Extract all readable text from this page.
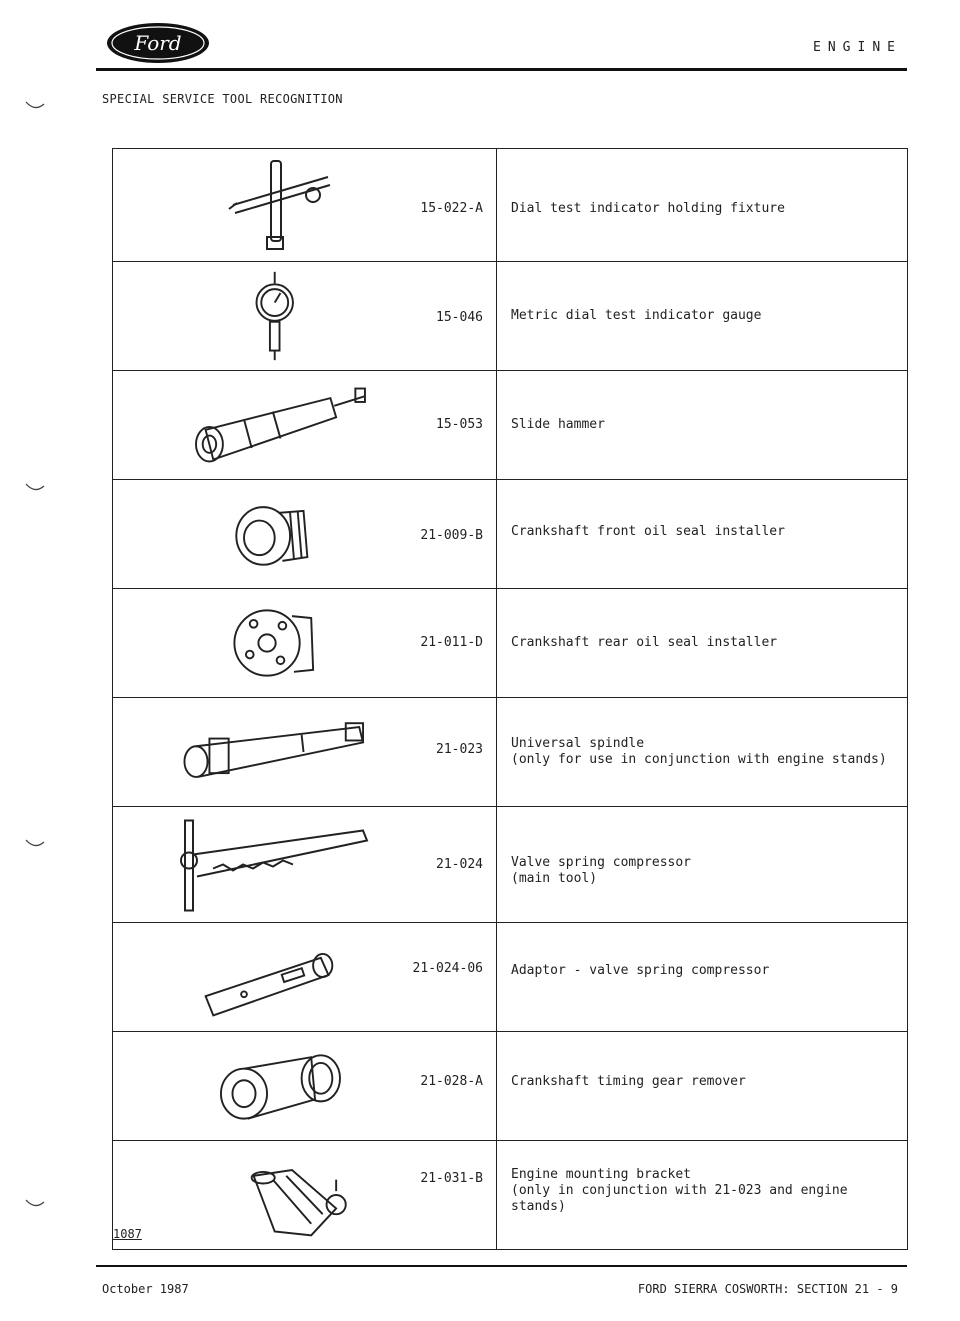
Ford	ENGINE
SPECIAL SERVICE TOOL RECOGNITION
15-022-A Dial test indicator holding fixture
15-046 Metric dial test indicator gauge
15-053 Slide hammer
21-009-B Crankshaft front oil seal installer
21-011-D Crankshaft rear oil seal installer
21-023 Universal spindle
(only for use in conjunction with engine stands)
21-024 Valve spring compressor
(main tool)
21-024-06 Adaptor - valve spring compressor
21-028-A Crankshaft timing gear remover
21-031-B Engine mounting bracket
(only in conjunction with 21-023 and engine
stands)
1087
October 1987	FORD SIERRA COSWORTH: SECTION 21 - 9
